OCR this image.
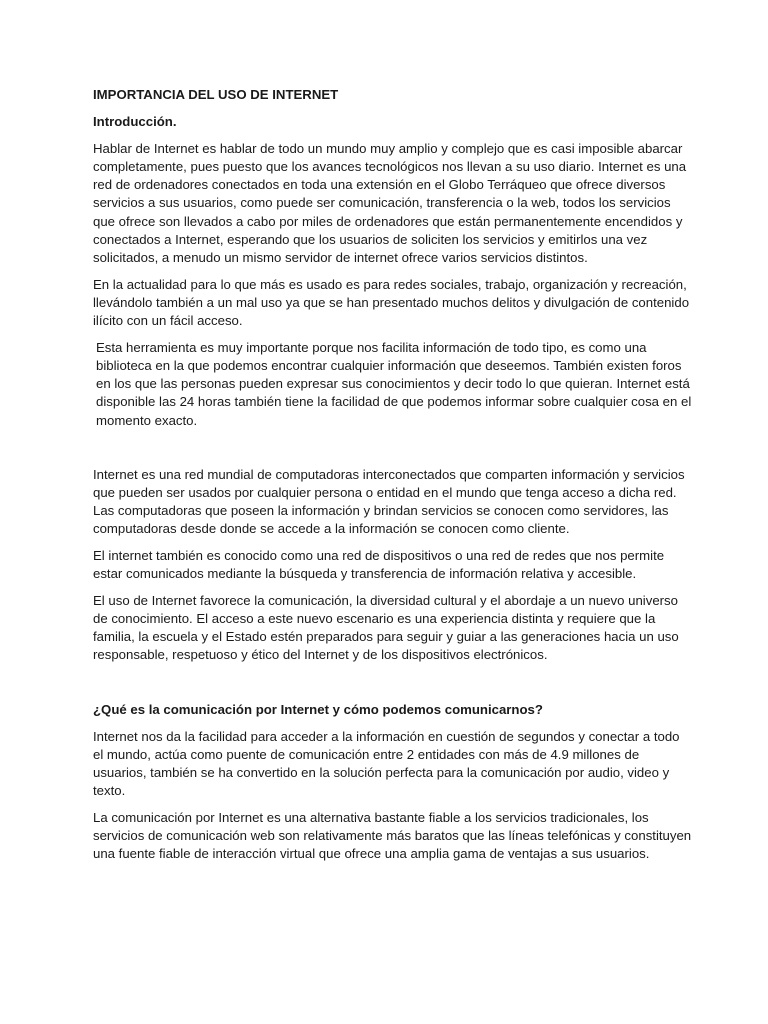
IMPORTANCIA DEL USO DE INTERNET
Introducción.

Hablar de Internet es hablar de todo un mundo muy amplio y complejo que es casi imposible abarcar completamente, pues puesto que los avances tecnológicos nos llevan a su uso diario. Internet es una red de ordenadores conectados en toda una extensión en el Globo Terráqueo que ofrece diversos servicios a sus usuarios, como puede ser comunicación, transferencia o la web, todos los servicios que ofrece son llevados a cabo por miles de ordenadores que están permanentemente encendidos y conectados a Internet, esperando que los usuarios de soliciten los servicios y emitirlos una vez solicitados, a menudo un mismo servidor de internet ofrece varios servicios distintos.

En la actualidad para lo que más es usado es para redes sociales, trabajo, organización y recreación, llevándolo también a un mal uso ya que se han presentado muchos delitos y divulgación de contenido ilícito con un fácil acceso.

Esta herramienta es muy importante porque nos facilita información de todo tipo, es como una biblioteca en la que podemos encontrar cualquier información que deseemos. También existen foros en los que las personas pueden expresar sus conocimientos y decir todo lo que quieran. Internet está disponible las 24 horas también tiene la facilidad de que podemos informar sobre cualquier cosa en el momento exacto.

Internet es una red mundial de computadoras interconectados que comparten información y servicios que pueden ser usados por cualquier persona o entidad en el mundo que tenga acceso a dicha red. Las computadoras que poseen la información y brindan servicios se conocen como servidores, las computadoras desde donde se accede a la información se conocen como cliente.

El internet también es conocido como una red de dispositivos o una red de redes que nos permite estar comunicados mediante la búsqueda y transferencia de información relativa y accesible.

El uso de Internet favorece la comunicación, la diversidad cultural y el abordaje a un nuevo universo de conocimiento. El acceso a este nuevo escenario es una experiencia distinta y requiere que la familia, la escuela y el Estado estén preparados para seguir y guiar a las generaciones hacia un uso responsable, respetuoso y ético del Internet y de los dispositivos electrónicos.

¿Qué es la comunicación por Internet y cómo podemos comunicarnos?

Internet nos da la facilidad para acceder a la información en cuestión de segundos y conectar a todo el mundo, actúa como puente de comunicación entre 2 entidades con más de 4.9 millones de usuarios, también se ha convertido en la solución perfecta para la comunicación por audio, video y texto.

La comunicación por Internet es una alternativa bastante fiable a los servicios tradicionales, los servicios de comunicación web son relativamente más baratos que las líneas telefónicas y constituyen una fuente fiable de interacción virtual que ofrece una amplia gama de ventajas a sus usuarios.
